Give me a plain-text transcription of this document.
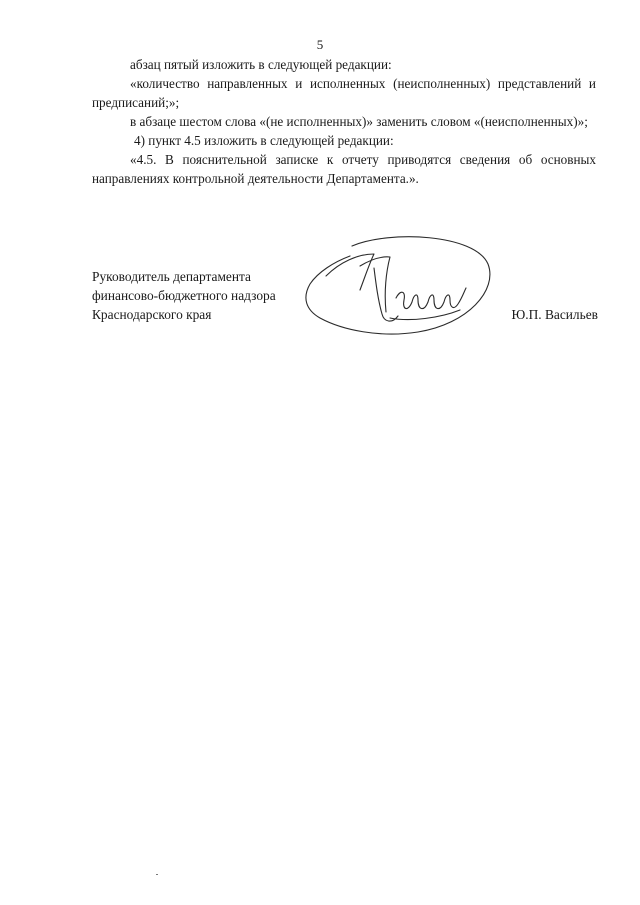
5

абзац пятый изложить в следующей редакции:

«количество направленных и исполненных (неисполненных) представлений и предписаний;»;

в абзаце шестом слова «(не исполненных)» заменить словом «(неисполненных)»;

4) пункт 4.5 изложить в следующей редакции:

«4.5. В пояснительной записке к отчету приводятся сведения об основных направлениях контрольной деятельности Департамента.».

Руководитель департамента
финансово-бюджетного надзора
Краснодарского края	Ю.П. Васильев
